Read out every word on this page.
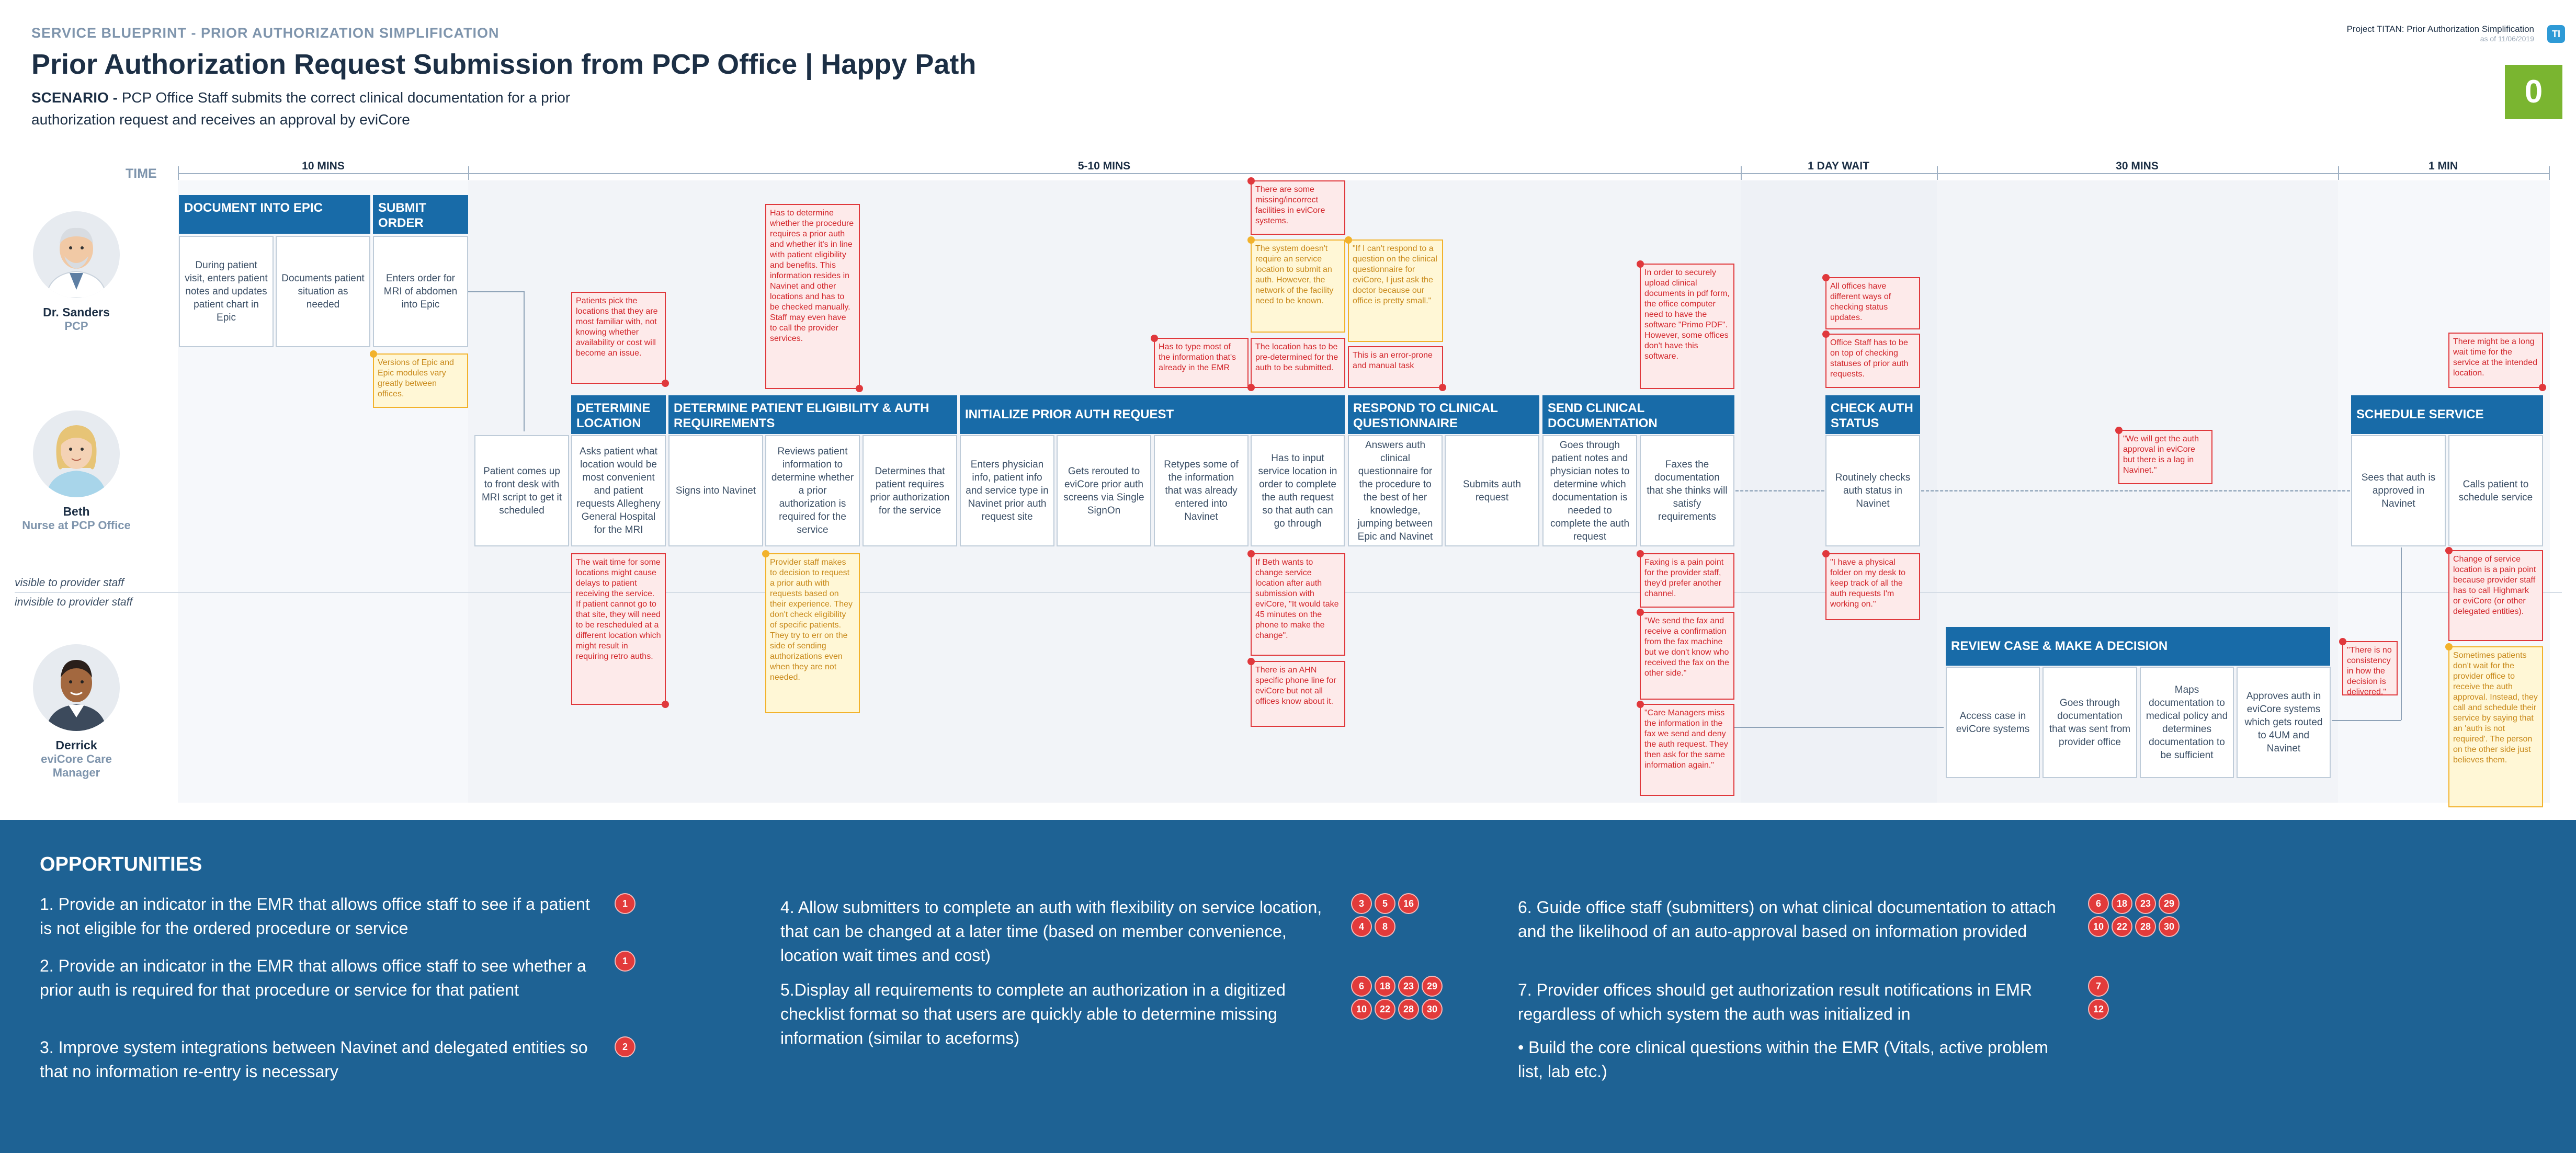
SERVICE BLUEPRINT - PRIOR AUTHORIZATION SIMPLIFICATION
Prior Authorization Request Submission from PCP Office | Happy Path
SCENARIO - PCP Office Staff submits the correct clinical documentation for a prior authorization request and receives an approval by eviCore
Project TITAN: Prior Authorization Simplification
as of 11/06/2019	TI
0
TIME
10 MINS	5-10 MINS	1 DAY WAIT	30 MINS	1 MIN
Dr. Sanders
PCP
Beth
Nurse at PCP Office
Derrick
eviCore Care Manager
visible to provider staff
invisible to provider staff
DOCUMENT INTO EPIC	SUBMIT ORDER
During patient visit, enters patient notes and updates patient chart in Epic
Documents patient situation as needed
Enters order for MRI of abdomen into Epic
Versions of Epic and Epic modules vary greatly between offices.
DETERMINE LOCATION
DETERMINE PATIENT ELIGIBILITY & AUTH REQUIREMENTS
INITIALIZE PRIOR AUTH REQUEST	RESPOND TO CLINICAL QUESTIONNAIRE
SEND CLINICAL DOCUMENTATION
CHECK AUTH STATUS
SCHEDULE SERVICE
Patient comes up to front desk with MRI script to get it scheduled
Asks patient what location would be most convenient and patient requests Allegheny General Hospital for the MRI
Signs into Navinet
Reviews patient information to determine whether a prior authorization is required for the service
Determines that patient requires prior authorization for the service
Enters physician info, patient info and service type in Navinet prior auth request site
Gets rerouted to eviCore prior auth screens via Single SignOn
Retypes some of the information that was already entered into Navinet
Has to input service location in order to complete the auth request so that auth can go through
Answers auth clinical questionnaire for the procedure to the best of her knowledge, jumping between Epic and Navinet
Submits auth request
Goes through patient notes and physician notes to determine which documentation is needed to complete the auth request
Faxes the documentation that she thinks will satisfy requirements
Routinely checks auth status in Navinet
Sees that auth is approved in Navinet
Calls patient to schedule service
REVIEW CASE & MAKE A DECISION
Access case in eviCore systems
Goes through documentation that was sent from provider office
Maps documentation to medical policy and determines documentation to be sufficient
Approves auth in eviCore systems which gets routed to 4UM and Navinet
Patients pick the locations that they are most familiar with, not knowing whether availability or cost will become an issue.
Has to determine whether the procedure requires a prior auth and whether it's in line with patient eligibility and benefits. This information resides in Navinet and other locations and has to be checked manually. Staff may even have to call the provider services.
Has to type most of the information that's already in the EMR
There are some missing/incorrect facilities in eviCore systems.
The system doesn't require an service location to submit an auth. However, the network of the facility need to be known.
The location has to be pre-determined for the auth to be submitted.
"If I can't respond to a question on the clinical questionnaire for eviCore, I just ask the doctor because our office is pretty small."
This is an error-prone and manual task
In order to securely upload clinical documents in pdf form, the office computer need to have the software "Primo PDF". However, some offices don't have this software.
All offices have different ways of checking status updates.
Office Staff has to be on top of checking statuses of prior auth requests.
"We will get the auth approval in eviCore but there is a lag in Navinet."
There might be a long wait time for the service at the intended location.
The wait time for some locations might cause delays to patient receiving the service. If patient cannot go to that site, they will need to be rescheduled at a different location which might result in requiring retro auths.
Provider staff makes to decision to request a prior auth with requests based on their experience. They don't check eligibility of specific patients. They try to err on the side of sending authorizations even when they are not needed.
If Beth wants to change service location after auth submission with eviCore, "It would take 45 minutes on the phone to make the change".
There is an AHN specific phone line for eviCore but not all offices know about it.
Faxing is a pain point for the provider staff, they'd prefer another channel.
"We send the fax and receive a confirmation from the fax machine but we don't know who received the fax on the other side."
"Care Managers miss the information in the fax we send and deny the auth request. They then ask for the same information again."
"I have a physical folder on my desk to keep track of all the auth requests I'm working on."
"There is no consistency in how the decision is delivered."
Change of service location is a pain point because provider staff has to call Highmark or eviCore (or other delegated entities).
Sometimes patients don't wait for the provider office to receive the auth approval. Instead, they call and schedule their service by saying that an 'auth is not required'. The person on the other side just believes them.
OPPORTUNITIES
1. Provide an indicator in the EMR that allows office staff to see if a patient is not eligible for the ordered procedure or service
1
2. Provide an indicator in the EMR that allows office staff to see whether a prior auth is required for that procedure or service for that patient
1
3. Improve system integrations between Navinet and delegated entities so that no information re-entry is necessary
2
4. Allow submitters to complete an auth with flexibility on service location, that can be changed at a later time (based on member convenience, location wait times and cost)
3	5	16
4	8
5.Display all requirements to complete an authorization in a digitized checklist format so that users are quickly able to determine missing information (similar to aceforms)
6	18	23	29
10	22	28	30
6. Guide office staff (submitters) on what clinical documentation to attach and the likelihood of an auto-approval based on information provided
6	18	23	29
10	22	28	30
7. Provider offices should get authorization result notifications in EMR regardless of which system the auth was initialized in
7
12
• Build the core clinical questions within the EMR (Vitals, active problem list, lab etc.)
